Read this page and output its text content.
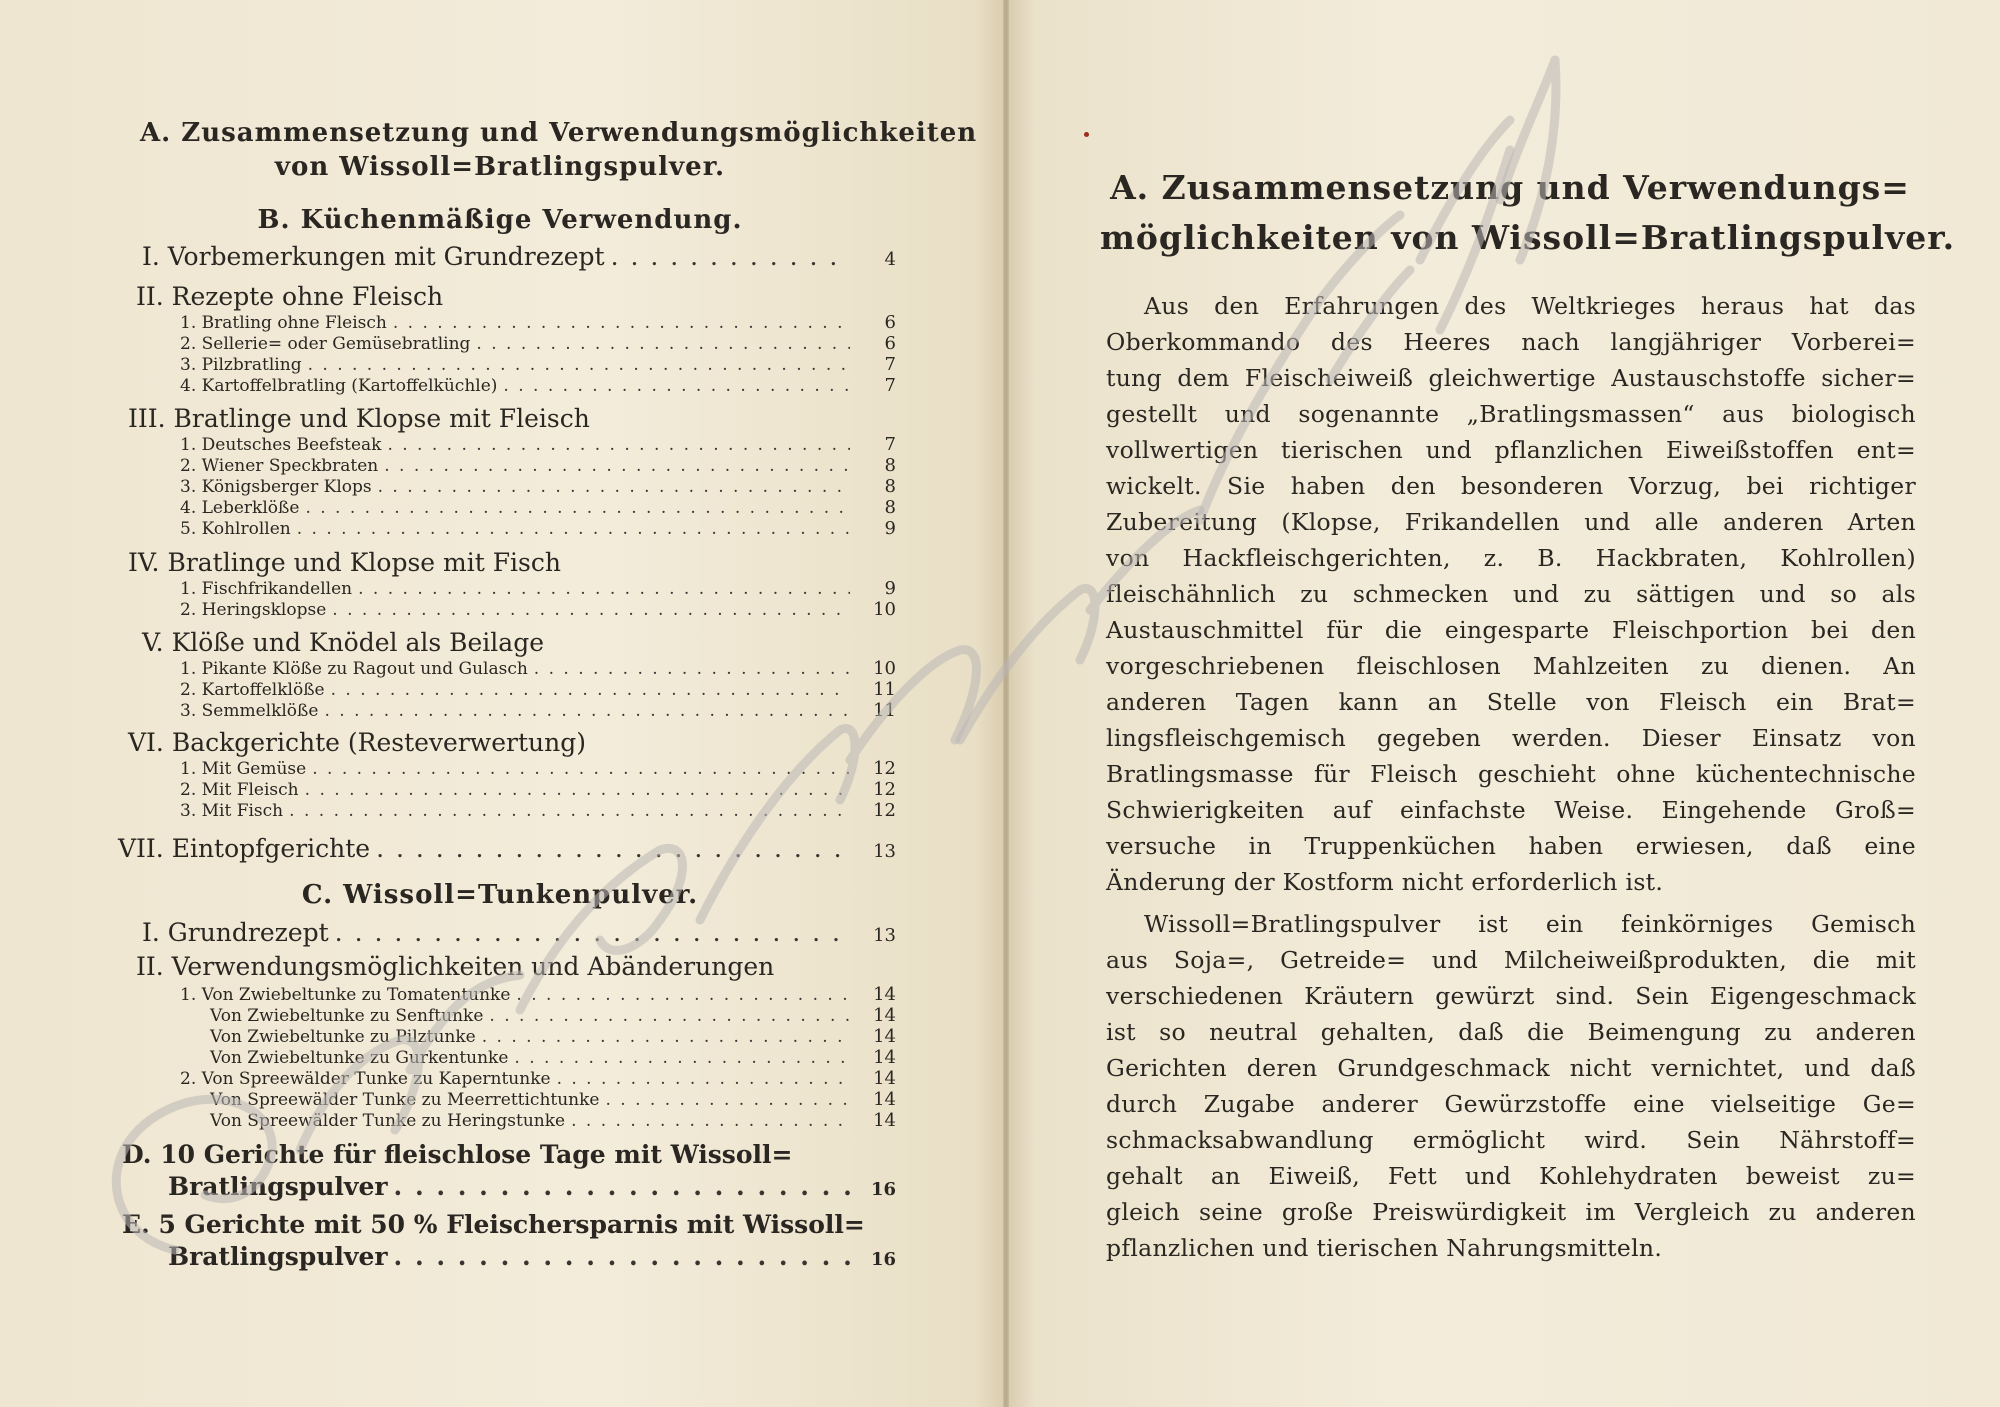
A. Zusammensetzung und Verwendungsmöglichkeiten
von Wissoll=Bratlingspulver.
B. Küchenmäßige Verwendung.
I. Vorbemerkungen mit Grundrezept . . .	4
II. Rezepte ohne Fleisch
1. Bratling ohne Fleisch . . .	6
2. Sellerie= oder Gemüsebratling . . .	6
3. Pilzbratling . . .	7
4. Kartoffelbratling (Kartoffelküchle) . . .	7
III. Bratlinge und Klopse mit Fleisch
1. Deutsches Beefsteak . . .	7
2. Wiener Speckbraten . . .	8
3. Königsberger Klops . . .	8
4. Leberklöße . . .	8
5. Kohlrollen . . .	9
IV. Bratlinge und Klopse mit Fisch
1. Fischfrikandellen . . .	9
2. Heringsklopse . . .	10
V. Klöße und Knödel als Beilage
1. Pikante Klöße zu Ragout und Gulasch . . .	10
2. Kartoffelklöße . . .	11
3. Semmelklöße . . .	11
VI. Backgerichte (Resteverwertung)
1. Mit Gemüse . . .	12
2. Mit Fleisch . . .	12
3. Mit Fisch . . .	12
VII. Eintopfgerichte . . .	13
C. Wissoll=Tunkenpulver.
I. Grundrezept . . .	13
II. Verwendungsmöglichkeiten und Abänderungen
1. Von Zwiebeltunke zu Tomatentunke . . .	14
Von Zwiebeltunke zu Senftunke . . .	14
Von Zwiebeltunke zu Pilztunke . . .	14
Von Zwiebeltunke zu Gurkentunke . . .	14
2. Von Spreewälder Tunke zu Kaperntunke . . .	14
Von Spreewälder Tunke zu Meerrettichtunke . . .	14
Von Spreewälder Tunke zu Heringstunke . . .	14
D. 10 Gerichte für fleischlose Tage mit Wissoll=
Bratlingspulver . . .	16
E. 5 Gerichte mit 50 % Fleischersparnis mit Wissoll=
Bratlingspulver . . .	16
A. Zusammensetzung und Verwendungs=
möglichkeiten von Wissoll=Bratlingspulver.
Aus den Erfahrungen des Weltkrieges heraus hat das
Oberkommando des Heeres nach langjähriger Vorberei=
tung dem Fleischeiweiß gleichwertige Austauschstoffe sicher=
gestellt und sogenannte „Bratlingsmassen“ aus biologisch
vollwertigen tierischen und pflanzlichen Eiweißstoffen ent=
wickelt. Sie haben den besonderen Vorzug, bei richtiger
Zubereitung (Klopse, Frikandellen und alle anderen Arten
von Hackfleischgerichten, z. B. Hackbraten, Kohlrollen)
fleischähnlich zu schmecken und zu sättigen und so als
Austauschmittel für die eingesparte Fleischportion bei den
vorgeschriebenen fleischlosen Mahlzeiten zu dienen. An
anderen Tagen kann an Stelle von Fleisch ein Brat=
lingsfleischgemisch gegeben werden. Dieser Einsatz von
Bratlingsmasse für Fleisch geschieht ohne küchentechnische
Schwierigkeiten auf einfachste Weise. Eingehende Groß=
versuche in Truppenküchen haben erwiesen, daß eine
Änderung der Kostform nicht erforderlich ist.
Wissoll=Bratlingspulver ist ein feinkörniges Gemisch
aus Soja=, Getreide= und Milcheiweißprodukten, die mit
verschiedenen Kräutern gewürzt sind. Sein Eigengeschmack
ist so neutral gehalten, daß die Beimengung zu anderen
Gerichten deren Grundgeschmack nicht vernichtet, und daß
durch Zugabe anderer Gewürzstoffe eine vielseitige Ge=
schmacksabwandlung ermöglicht wird. Sein Nährstoff=
gehalt an Eiweiß, Fett und Kohlehydraten beweist zu=
gleich seine große Preiswürdigkeit im Vergleich zu anderen
pflanzlichen und tierischen Nahrungsmitteln.
